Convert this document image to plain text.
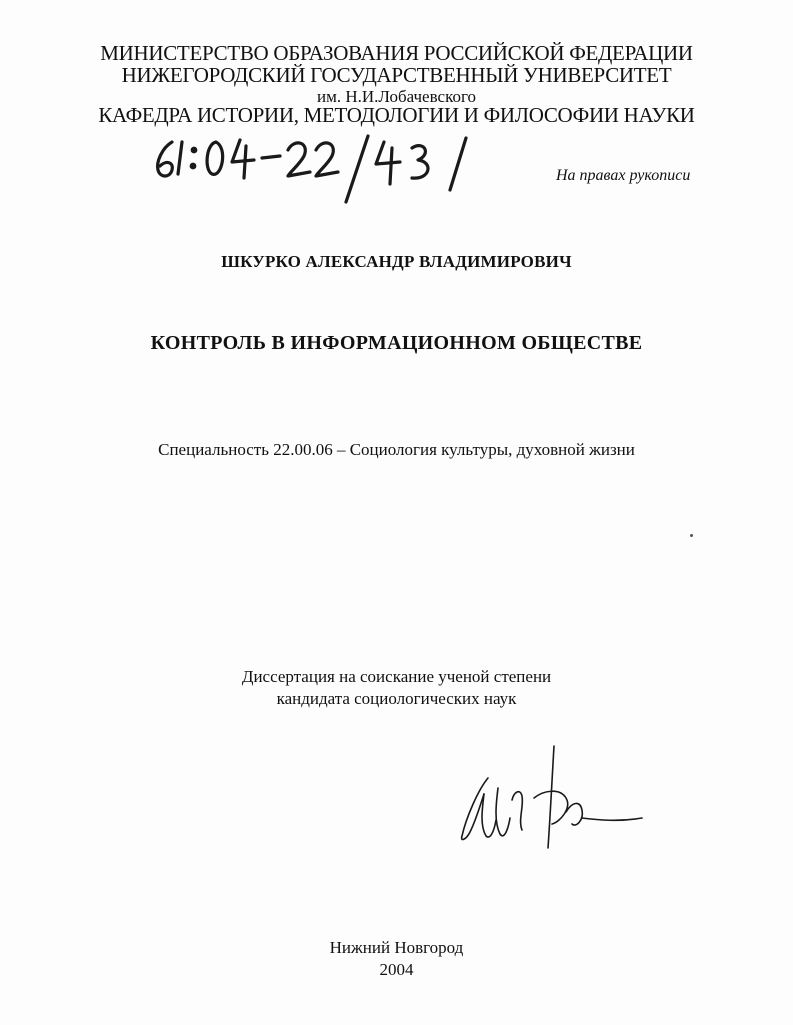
МИНИСТЕРСТВО ОБРАЗОВАНИЯ РОССИЙСКОЙ ФЕДЕРАЦИИ
НИЖЕГОРОДСКИЙ ГОСУДАРСТВЕННЫЙ УНИВЕРСИТЕТ
им. Н.И.Лобачевского
КАФЕДРА ИСТОРИИ, МЕТОДОЛОГИИ И ФИЛОСОФИИ НАУКИ
На правах рукописи
ШКУРКО АЛЕКСАНДР ВЛАДИМИРОВИЧ
КОНТРОЛЬ В ИНФОРМАЦИОННОМ ОБЩЕСТВЕ
Специальность 22.00.06 – Социология культуры, духовной жизни
Диссертация на соискание ученой степени
кандидата социологических наук
Нижний Новгород
2004
